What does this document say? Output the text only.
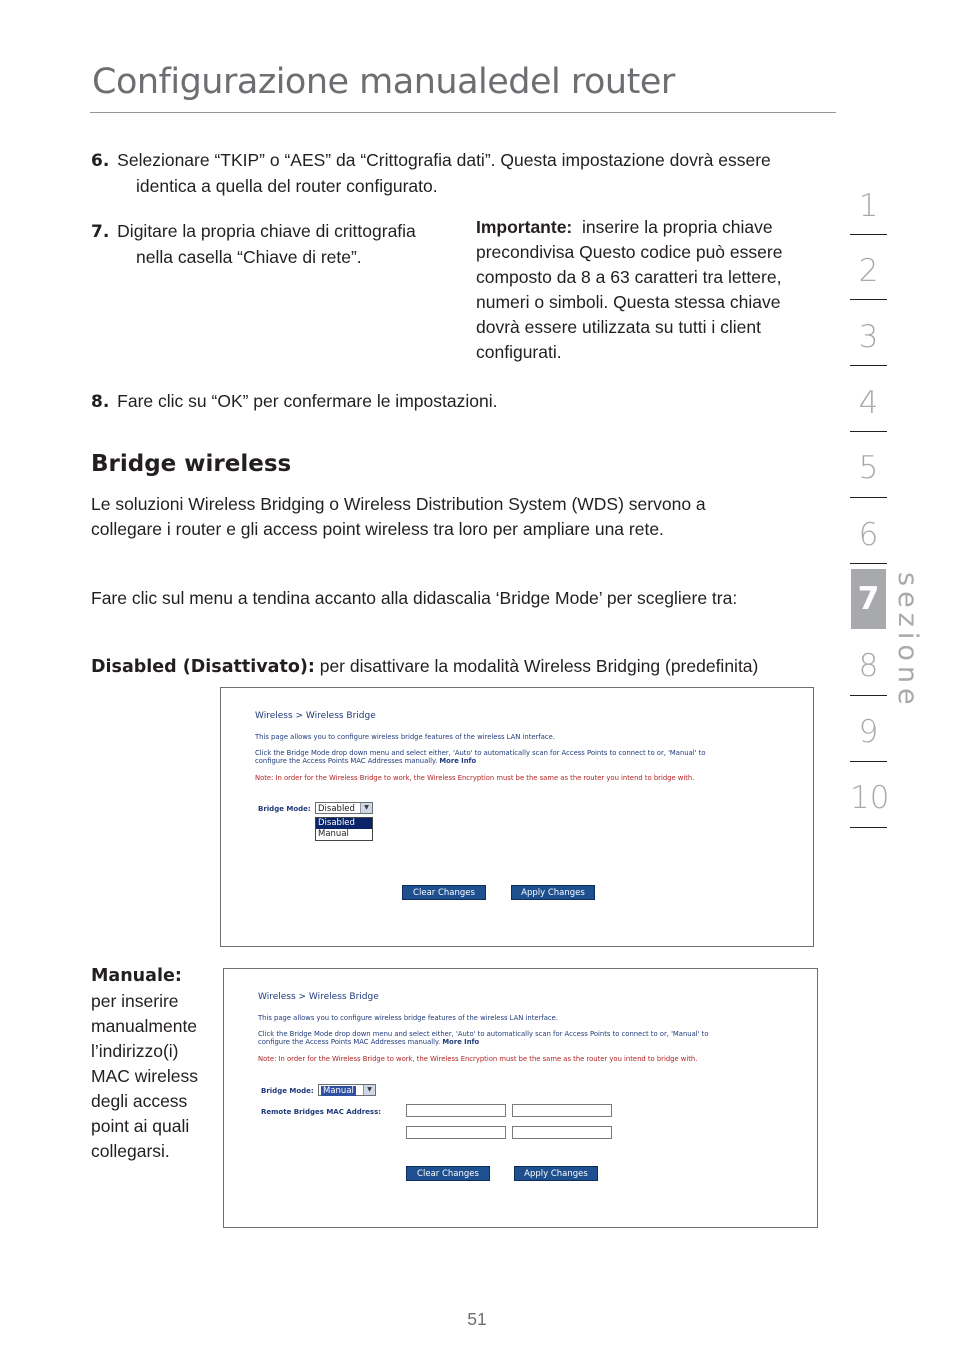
Configurazione manualedel router
6. Selezionare “TKIP” o “AES” da “Crittografia dati”. Questa impostazione dovrà essere
identica a quella del router configurato.
7. Digitare la propria chiave di crittografia
nella casella “Chiave di rete”.
Importante: inserire la propria chiave
precondivisa Questo codice può essere
composto da 8 a 63 caratteri tra lettere,
numeri o simboli. Questa stessa chiave
dovrà essere utilizzata su tutti i client
configurati.
8. Fare clic su “OK” per confermare le impostazioni.
Bridge wireless
Le soluzioni Wireless Bridging o Wireless Distribution System (WDS) servono a
collegare i router e gli access point wireless tra loro per ampliare una rete.
Fare clic sul menu a tendina accanto alla didascalia ‘Bridge Mode’ per scegliere tra:
Disabled (Disattivato): per disattivare la modalità Wireless Bridging (predefinita)
Wireless > Wireless Bridge
This page allows you to configure wireless bridge features of the wireless LAN interface.
Click the Bridge Mode drop down menu and select either, 'Auto' to automatically scan for Access Points to connect to or, 'Manual' to
configure the Access Points MAC Addresses manually. More Info
Note: In order for the Wireless Bridge to work, the Wireless Encryption must be the same as the router you intend to bridge with.
Bridge Mode: Disabled	▼
Disabled
Manual
Clear Changes	Apply Changes
Manuale:
per inserire
manualmente
l’indirizzo(i)
MAC wireless
degli access
point ai quali
collegarsi.
Wireless > Wireless Bridge
This page allows you to configure wireless bridge features of the wireless LAN interface.
Click the Bridge Mode drop down menu and select either, 'Auto' to automatically scan for Access Points to connect to or, 'Manual' to
configure the Access Points MAC Addresses manually. More Info
Note: In order for the Wireless Bridge to work, the Wireless Encryption must be the same as the router you intend to bridge with.
Bridge Mode:	Manual	▼
Remote Bridges MAC Address:
Clear Changes	Apply Changes
1
2
3
4
5
6
7
8
9
10
sezione
51
